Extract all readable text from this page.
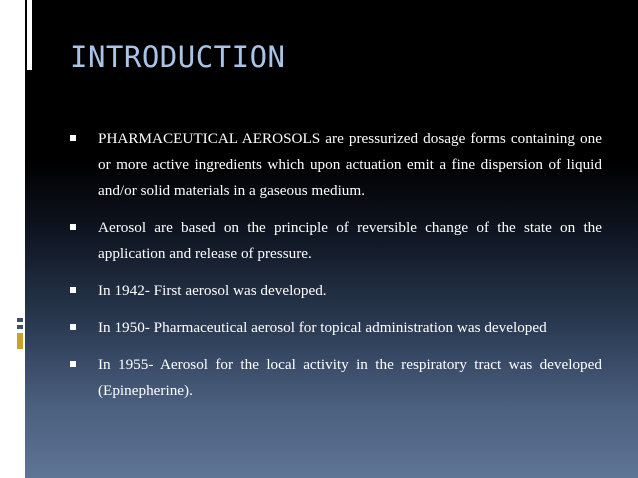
INTRODUCTION
PHARMACEUTICAL AEROSOLS are pressurized dosage forms containing one or more active ingredients which upon actuation emit a fine dispersion of liquid and/or solid materials in a gaseous medium.
Aerosol are based on the principle of reversible change of the state on the application and release of pressure.
In 1942- First aerosol was developed.
In 1950- Pharmaceutical aerosol for topical administration was developed
In 1955- Aerosol for the local activity in the respiratory tract was developed (Epinepherine).
